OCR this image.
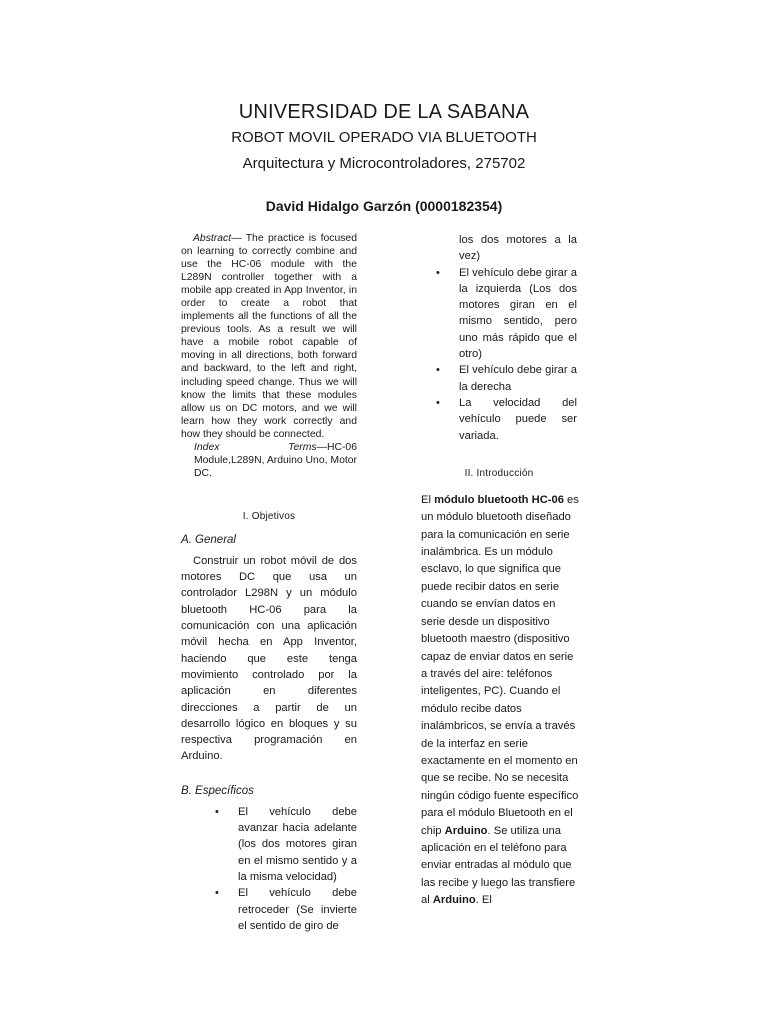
UNIVERSIDAD DE LA SABANA
ROBOT MOVIL OPERADO VIA BLUETOOTH
Arquitectura y Microcontroladores, 275702
David Hidalgo Garzón (0000182354)

Abstract— The practice is focused on learning to correctly combine and use the HC-06 module with the L289N controller together with a mobile app created in App Inventor, in order to create a robot that implements all the functions of all the previous tools. As a result we will have a mobile robot capable of moving in all directions, both forward and backward, to the left and right, including speed change. Thus we will know the limits that these modules allow us on DC motors, and we will learn how they work correctly and how they should be connected.

Index Terms—HC-06 Module,L289N, Arduino Uno, Motor DC.

I. Objetivos

A. General

Construir un robot móvil de dos motores DC que usa un controlador L298N y un módulo bluetooth HC-06 para la comunicación con una aplicación móvil hecha en App Inventor, haciendo que este tenga movimiento controlado por la aplicación en diferentes direcciones a partir de un desarrollo lógico en bloques y su respectiva programación en Arduino.

B. Específicos

• El vehículo debe avanzar hacia adelante (los dos motores giran en el mismo sentido y a la misma velocidad)
• El vehículo debe retroceder (Se invierte el sentido de giro de
los dos motores a la vez)
• El vehículo debe girar a la izquierda (Los dos motores giran en el mismo sentido, pero uno más rápido que el otro)
• El vehículo debe girar a la derecha
• La velocidad del vehículo puede ser variada.

II. Introducción

El módulo bluetooth HC-06 es un módulo bluetooth diseñado para la comunicación en serie inalámbrica. Es un módulo esclavo, lo que significa que puede recibir datos en serie cuando se envían datos en serie desde un dispositivo bluetooth maestro (dispositivo capaz de enviar datos en serie a través del aire: teléfonos inteligentes, PC). Cuando el módulo recibe datos inalámbricos, se envía a través de la interfaz en serie exactamente en el momento en que se recibe. No se necesita ningún código fuente específico para el módulo Bluetooth en el chip Arduino. Se utiliza una aplicación en el teléfono para enviar entradas al módulo que las recibe y luego las transfiere al Arduino. El
